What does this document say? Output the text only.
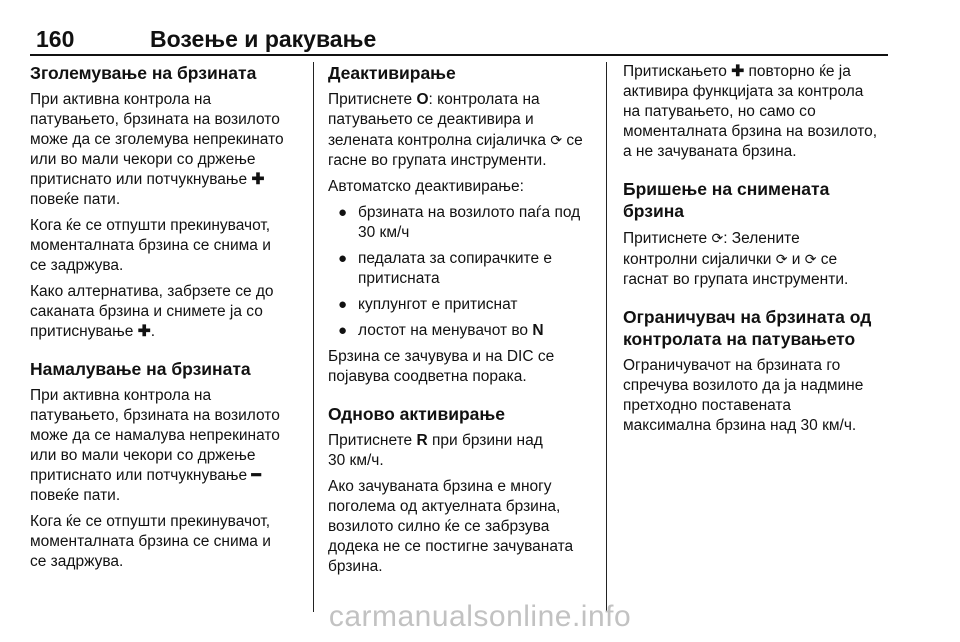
160	Возење и ракување
Зголемување на брзината

При активна контрола на
патувањето, брзината на возилото
може да се зголемува непрекинато
или во мали чекори со држење
притиснато или потчукнување ✚
повеќе пати.

Кога ќе се отпушти прекинувачот,
моменталната брзина се снима и
се задржува.

Како алтернатива, забрзете се до
саканата брзина и снимете ја со
притиснување ✚.

Намалување на брзината

При активна контрола на
патувањето, брзината на возилото
може да се намалува непрекинато
или во мали чекори со држење
притиснато или потчукнување ━
повеќе пати.

Кога ќе се отпушти прекинувачот,
моменталната брзина се снима и
се задржува.

Деактивирање

Притиснете O: контролата на
патувањето се деактивира и
зелената контролна сијаличка ⟳ се
гасне во групата инструменти.

Автоматско деактивирање:

● брзината на возилото паѓа под
30 км/ч
● педалата за сопирачките е
притисната
● куплунгот е притиснат
● лостот на менувачот во N

Брзина се зачувува и на DIC се
појавува соодветна порака.

Одново активирање

Притиснете R при брзини над
30 км/ч.

Ако зачуваната брзина е многу
поголема од актуелната брзина,
возилото силно ќе се забрзува
додека не се постигне зачуваната
брзина.

Притискањето ✚ повторно ќе ја
активира функцијата за контрола
на патувањето, но само со
моменталната брзина на возилото,
а не зачуваната брзина.

Бришење на снимената брзина

Притиснете ⟳: Зелените
контролни сијалички ⟳ и ⟳ се
гаснат во групата инструменти.

Ограничувач на брзината од
контролата на патувањето

Ограничувачот на брзината го
спречува возилото да ја надмине
претходно поставената
максимална брзина над 30 км/ч.

carmanualsonline.info
